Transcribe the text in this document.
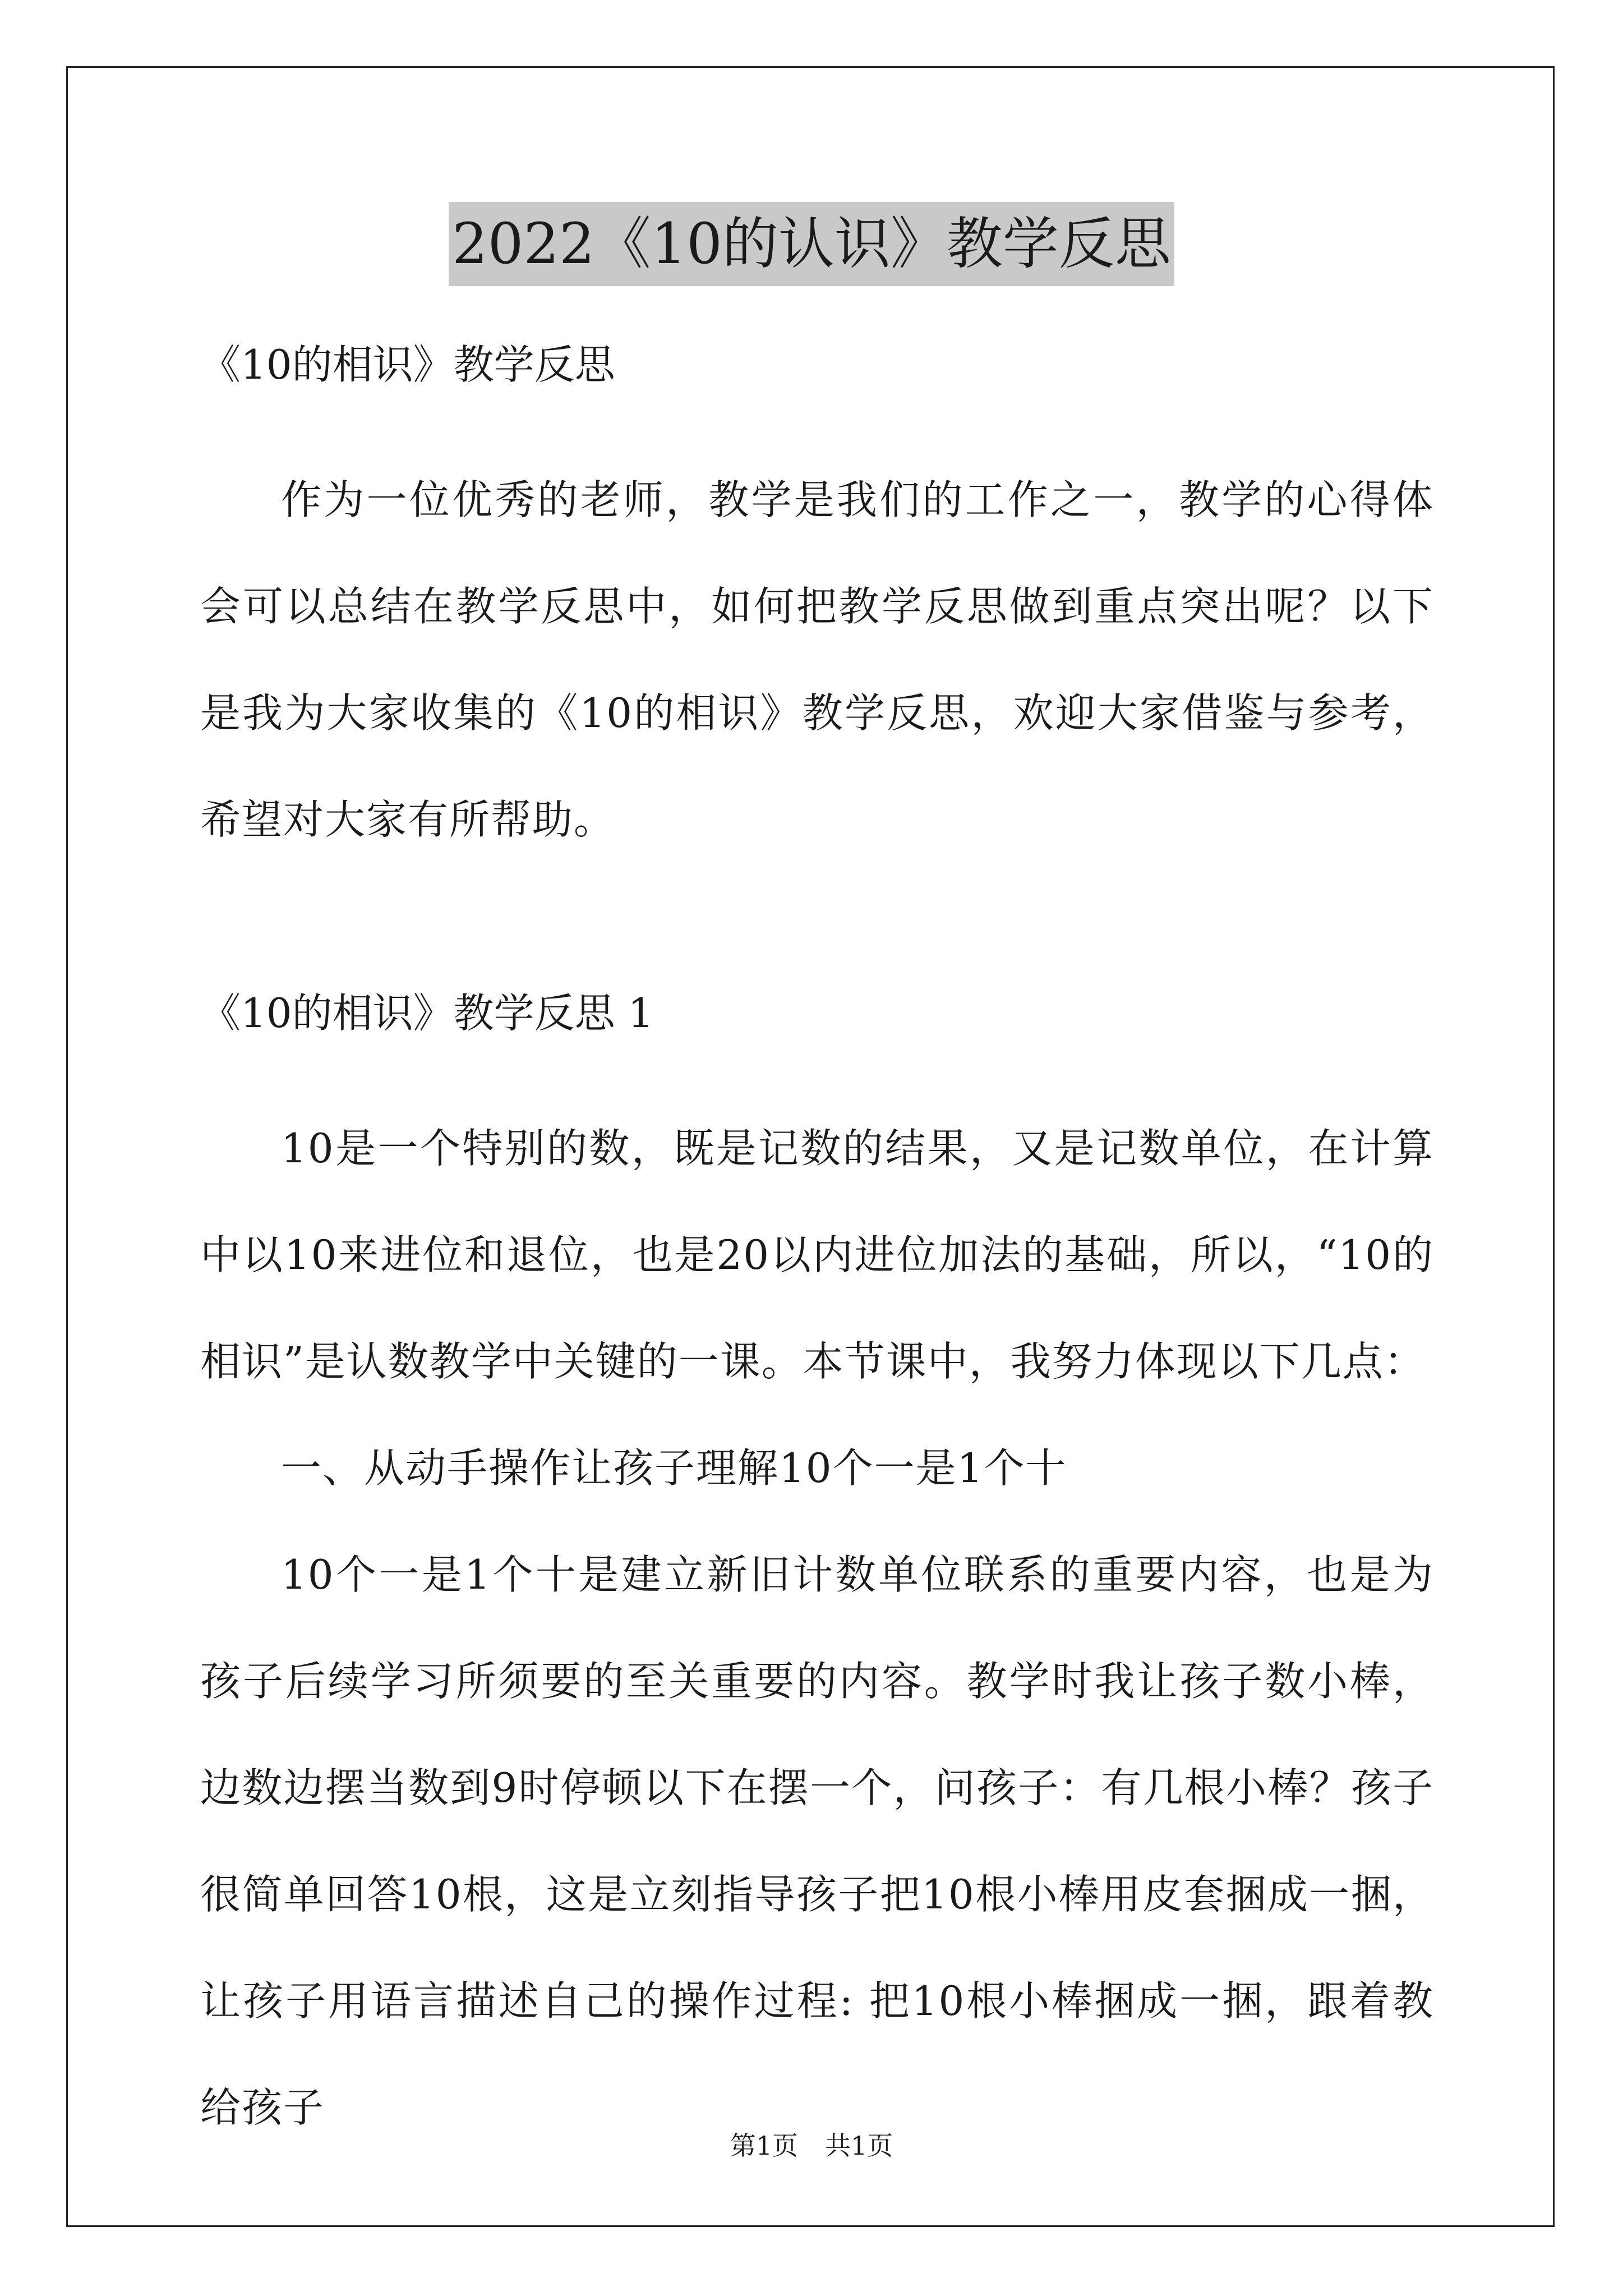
2022《10的认识》教学反思

《10的相识》教学反思

作为一位优秀的老师，教学是我们的工作之一，教学的心得体会可以总结在教学反思中，如何把教学反思做到重点突出呢？以下是我为大家收集的《10的相识》教学反思，欢迎大家借鉴与参考，希望对大家有所帮助。

《10的相识》教学反思 1

10是一个特别的数，既是记数的结果，又是记数单位，在计算中以10来进位和退位，也是20以内进位加法的基础，所以，“10的相识”是认数教学中关键的一课。本节课中，我努力体现以下几点：

一、从动手操作让孩子理解10个一是1个十

10个一是1个十是建立新旧计数单位联系的重要内容，也是为孩子后续学习所须要的至关重要的内容。教学时我让孩子数小棒，边数边摆当数到9时停顿以下在摆一个，问孩子：有几根小棒？孩子很简单回答10根，这是立刻指导孩子把10根小棒用皮套捆成一捆，让孩子用语言描述自己的操作过程: 把10根小棒捆成一捆，跟着教给孩子

第1页 共1页
